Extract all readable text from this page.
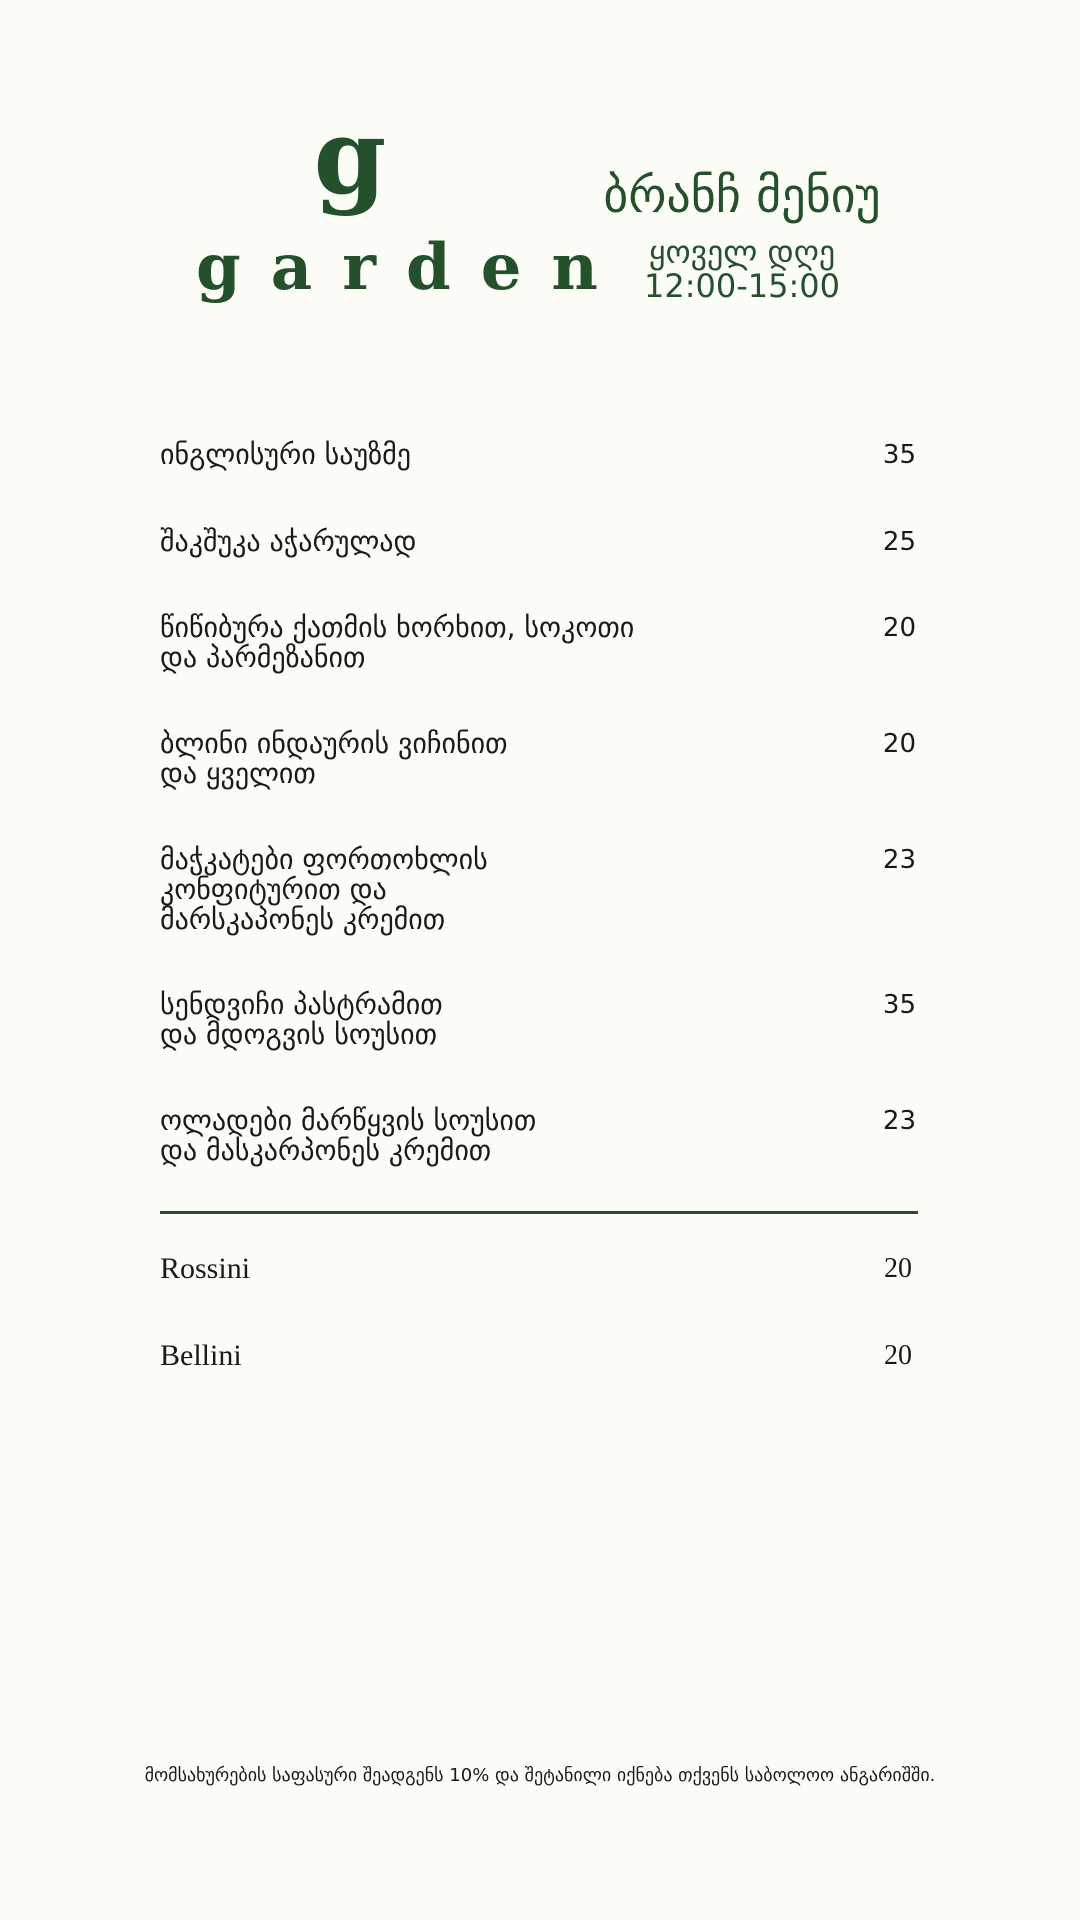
g
garden
ბრანჩ მენიუ
ყოველ დღე
12:00-15:00
ინგლისური საუზმე	35
შაკშუკა აჭარულად	25
წიწიბურა ქათმის ხორხით, სოკოთი
და პარმეზანით
20
ბლინი ინდაურის ვიჩინით
და ყველით
20
მაჭკატები ფორთოხლის
კონფიტურით და
მარსკაპონეს კრემით
23
სენდვიჩი პასტრამით
და მდოგვის სოუსით
35
ოლადები მარწყვის სოუსით
და მასკარპონეს კრემით
23
Rossini	20
Bellini	20
მომსახურების საფასური შეადგენს 10% და შეტანილი იქნება თქვენს საბოლოო ანგარიშში.
